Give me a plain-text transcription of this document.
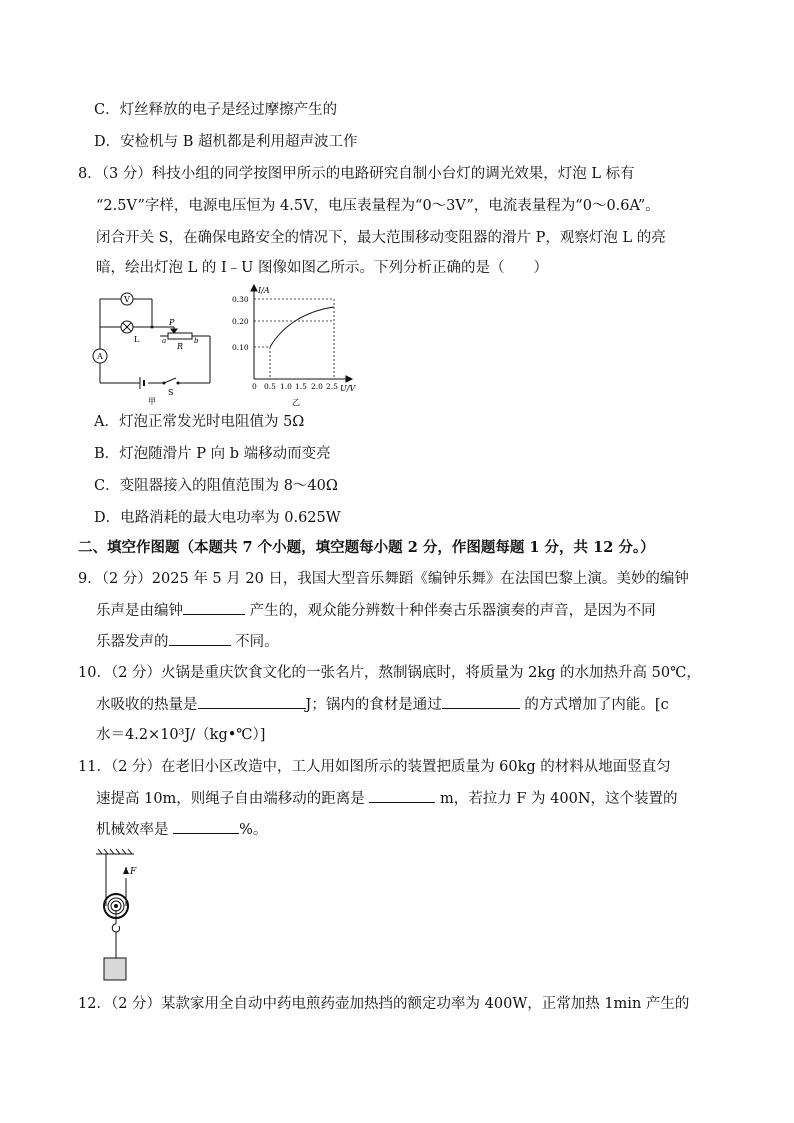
C．灯丝释放的电子是经过摩擦产生的
D．安检机与 B 超机都是利用超声波工作
8．（3 分）科技小组的同学按图甲所示的电路研究自制小台灯的调光效果，灯泡 L 标有
“2.5V”字样，电源电压恒为 4.5V，电压表量程为“0～3V”，电流表量程为“0～0.6A”。
闭合开关 S，在确保电路安全的情况下，最大范围移动变阻器的滑片 P，观察灯泡 L 的亮
暗，绘出灯泡 L 的 I﹣U 图像如图乙所示。下列分析正确的是（　　）
V
A
L
P
R
a	b
S
甲
I/A
U/V
0.30
0.20
0.10
0 0.5 1.0 1.5 2.0 2.5
乙
A．灯泡正常发光时电阻值为 5Ω
B．灯泡随滑片 P 向 b 端移动而变亮
C．变阻器接入的阻值范围为 8～40Ω
D．电路消耗的最大电功率为 0.625W
二、填空作图题（本题共 7 个小题，填空题每小题 2 分，作图题每题 1 分，共 12 分。）
9．（2 分）2025 年 5 月 20 日，我国大型音乐舞蹈《编钟乐舞》在法国巴黎上演。美妙的编钟
乐声是由编钟	产生的，观众能分辨数十种伴奏古乐器演奏的声音，是因为不同
乐器发声的	不同。
10．（2 分）火锅是重庆饮食文化的一张名片，熬制锅底时，将质量为 2kg 的水加热升高 50℃，
水吸收的热量是	J；锅内的食材是通过	的方式增加了内能。[c
水＝4.2×10³J/（kg•℃）]
11．（2 分）在老旧小区改造中，工人用如图所示的装置把质量为 60kg 的材料从地面竖直匀
速提高 10m，则绳子自由端移动的距离是	m，若拉力 F 为 400N，这个装置的
机械效率是	%。
F
12．（2 分）某款家用全自动中药电煎药壶加热挡的额定功率为 400W，正常加热 1min 产生的
